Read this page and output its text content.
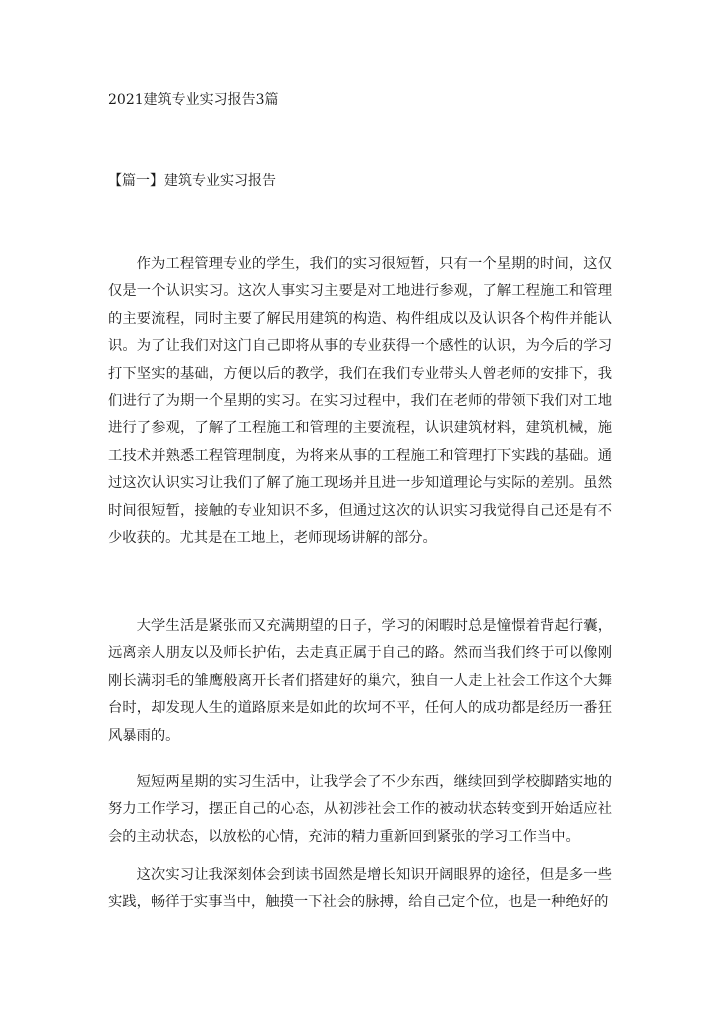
2021建筑专业实习报告3篇
【篇一】建筑专业实习报告

作为工程管理专业的学生，我们的实习很短暂，只有一个星期的时间，这仅仅是一个认识实习。这次人事实习主要是对工地进行参观，了解工程施工和管理的主要流程，同时主要了解民用建筑的构造、构件组成以及认识各个构件并能认识。为了让我们对这门自己即将从事的专业获得一个感性的认识，为今后的学习打下坚实的基础，方便以后的教学，我们在我们专业带头人曾老师的安排下，我们进行了为期一个星期的实习。在实习过程中，我们在老师的带领下我们对工地进行了参观，了解了工程施工和管理的主要流程，认识建筑材料，建筑机械，施工技术并熟悉工程管理制度，为将来从事的工程施工和管理打下实践的基础。通过这次认识实习让我们了解了施工现场并且进一步知道理论与实际的差别。虽然时间很短暂，接触的专业知识不多，但通过这次的认识实习我觉得自己还是有不少收获的。尤其是在工地上，老师现场讲解的部分。

大学生活是紧张而又充满期望的日子，学习的闲暇时总是憧憬着背起行囊，远离亲人朋友以及师长护佑，去走真正属于自己的路。然而当我们终于可以像刚刚长满羽毛的雏鹰般离开长者们搭建好的巢穴，独自一人走上社会工作这个大舞台时，却发现人生的道路原来是如此的坎坷不平，任何人的成功都是经历一番狂风暴雨的。

短短两星期的实习生活中，让我学会了不少东西，继续回到学校脚踏实地的努力工作学习，摆正自己的心态，从初涉社会工作的被动状态转变到开始适应社会的主动状态，以放松的心情，充沛的精力重新回到紧张的学习工作当中。

这次实习让我深刻体会到读书固然是增长知识开阔眼界的途径，但是多一些实践，畅徉于实事当中，触摸一下社会的脉搏，给自己定个位，也是一种绝好的
